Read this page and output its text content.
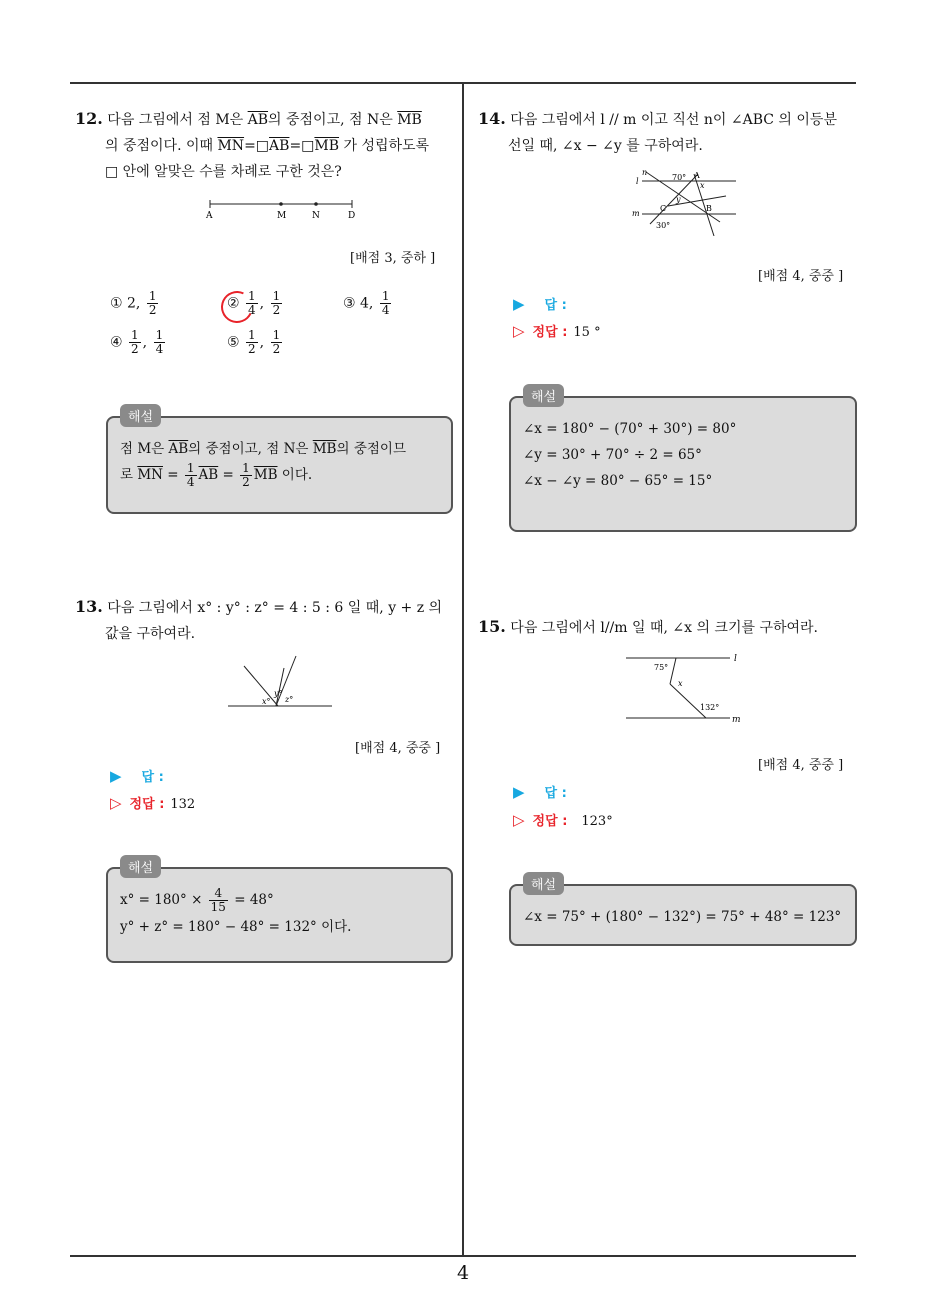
4
12. 다음 그림에서 점 M은 $\overline{AB}$의 중점이고, 점 N은 $\overline{MB}$
의 중점이다. 이때 $\overline{MN}=□\overline{AB}=□\overline{MB}$ 가 성립하도록
□ 안에 알맞은 수를 차례로 구한 것은?
A	M	N	D
[배점 3, 중하 ]
① 2, $\frac{1}{2}$	② $\frac{1}{4}$ , $\frac{1}{2}$	③ 4, $\frac{1}{4}$
④ $\frac{1}{2}$ , $\frac{1}{4}$	⑤ $\frac{1}{2}$ , $\frac{1}{2}$
해설
점 M은 $\overline{AB}$의 중점이고, 점 N은 $\overline{MB}$의 중점이므
로 $\overline{MN} = \frac{1}{4} \overline{AB} = \frac{1}{2} \overline{MB}$ 이다.
13. 다음 그림에서 x° : y° : z° = 4 : 5 : 6 일 때, y + z 의
값을 구하여라.
x°
y°
z°
[배점 4, 중중 ]
▶ 답 :
▷ 정답 : 132
해설
$x^\circ = 180^\circ \times \frac{4}{15} = 48^\circ$
y° + z° = 180° − 48° = 132° 이다.
14. 다음 그림에서 l // m 이고 직선 n이 ∠ABC 의 이등분
선일 때, ∠x − ∠y 를 구하여라.
n
l	70° A
x
y
C	B
m
30°
[배점 4, 중중 ]
▶ 답 :
▷ 정답 : 15 °
해설
∠x = 180° − (70° + 30°) = 80°
∠y = 30° + 70° ÷ 2 = 65°
∠x − ∠y = 80° − 65° = 15°
15. 다음 그림에서 l//m 일 때, ∠x 의 크기를 구하여라.
75°
l
x
132°
m
[배점 4, 중중 ]
▶ 답 :
▷ 정답 : 123°
해설
∠x = 75° + (180° − 132°) = 75° + 48° = 123°
